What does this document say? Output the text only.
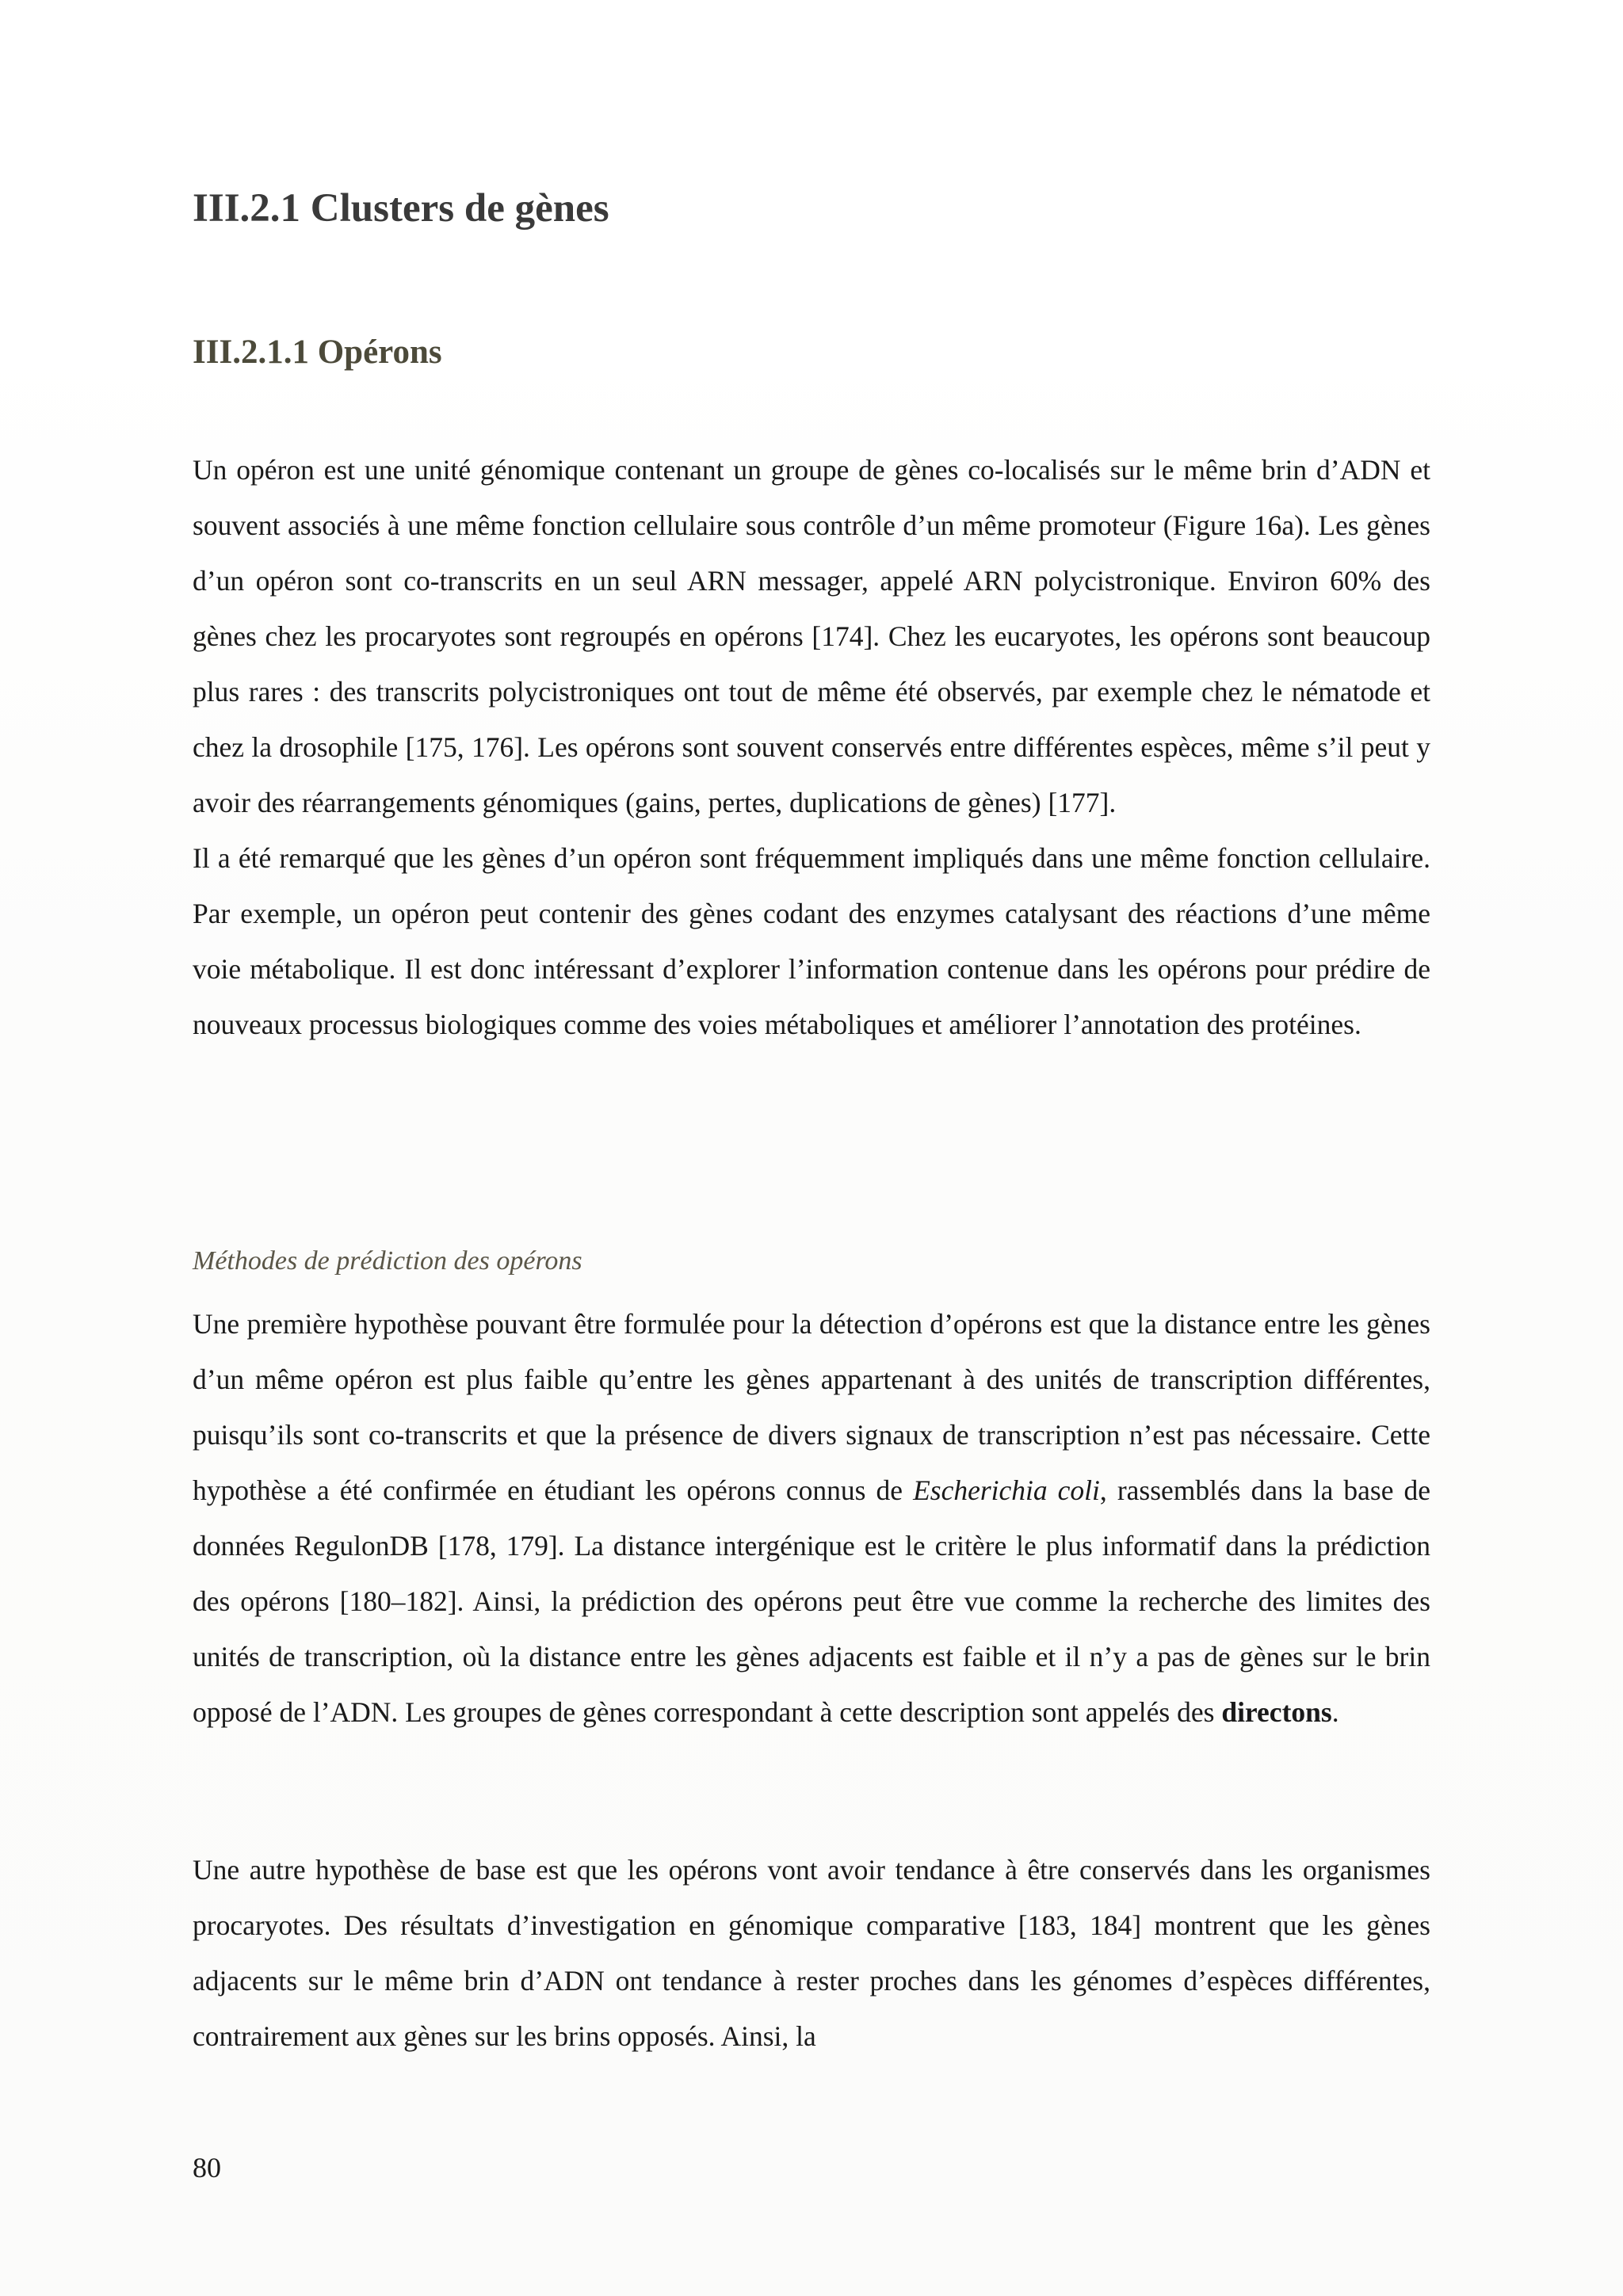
III.2.1 Clusters de gènes
III.2.1.1 Opérons

Un opéron est une unité génomique contenant un groupe de gènes co-localisés sur le même brin d’ADN et souvent associés à une même fonction cellulaire sous contrôle d’un même promoteur (Figure 16a). Les gènes d’un opéron sont co-transcrits en un seul ARN messager, appelé ARN polycistronique. Environ 60% des gènes chez les procaryotes sont regroupés en opérons [174]. Chez les eucaryotes, les opérons sont beaucoup plus rares : des transcrits polycistroniques ont tout de même été observés, par exemple chez le nématode et chez la drosophile [175, 176]. Les opérons sont souvent conservés entre différentes espèces, même s’il peut y avoir des réarrangements génomiques (gains, pertes, duplications de gènes) [177].

Il a été remarqué que les gènes d’un opéron sont fréquemment impliqués dans une même fonction cellulaire. Par exemple, un opéron peut contenir des gènes codant des enzymes catalysant des réactions d’une même voie métabolique. Il est donc intéressant d’explorer l’information contenue dans les opérons pour prédire de nouveaux processus biologiques comme des voies métaboliques et améliorer l’annotation des protéines.

Méthodes de prédiction des opérons

Une première hypothèse pouvant être formulée pour la détection d’opérons est que la distance entre les gènes d’un même opéron est plus faible qu’entre les gènes appartenant à des unités de transcription différentes, puisqu’ils sont co-transcrits et que la présence de divers signaux de transcription n’est pas nécessaire. Cette hypothèse a été confirmée en étudiant les opérons connus de Escherichia coli, rassemblés dans la base de données RegulonDB [178, 179]. La distance intergénique est le critère le plus informatif dans la prédiction des opérons [180–182]. Ainsi, la prédiction des opérons peut être vue comme la recherche des limites des unités de transcription, où la distance entre les gènes adjacents est faible et il n’y a pas de gènes sur le brin opposé de l’ADN. Les groupes de gènes correspondant à cette description sont appelés des directons.

Une autre hypothèse de base est que les opérons vont avoir tendance à être conservés dans les organismes procaryotes. Des résultats d’investigation en génomique comparative [183, 184] montrent que les gènes adjacents sur le même brin d’ADN ont tendance à rester proches dans les génomes d’espèces différentes, contrairement aux gènes sur les brins opposés. Ainsi, la

80
